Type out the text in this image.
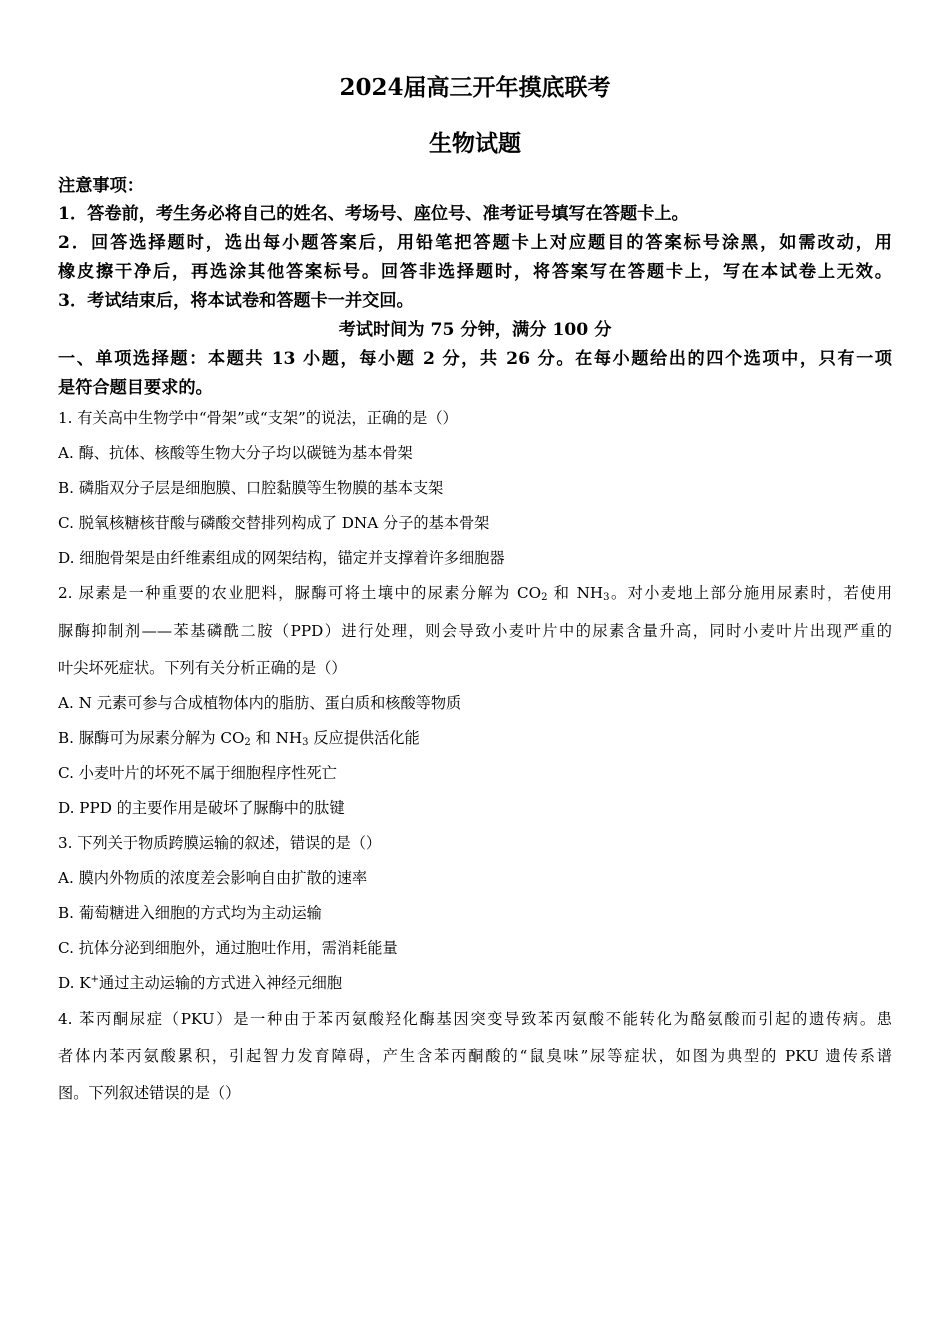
2024届高三开年摸底联考
生物试题
注意事项：
1．答卷前，考生务必将自己的姓名、考场号、座位号、准考证号填写在答题卡上。
2．回答选择题时，选出每小题答案后，用铅笔把答题卡上对应题目的答案标号涂黑，如需改动，用
橡皮擦干净后，再选涂其他答案标号。回答非选择题时，将答案写在答题卡上，写在本试卷上无效。
3．考试结束后，将本试卷和答题卡一并交回。
考试时间为 75 分钟，满分 100 分
一、单项选择题：本题共 13 小题，每小题 2 分，共 26 分。在每小题给出的四个选项中，只有一项
是符合题目要求的。
1. 有关高中生物学中“骨架”或“支架”的说法，正确的是（）
A. 酶、抗体、核酸等生物大分子均以碳链为基本骨架
B. 磷脂双分子层是细胞膜、口腔黏膜等生物膜的基本支架
C. 脱氧核糖核苷酸与磷酸交替排列构成了 DNA 分子的基本骨架
D. 细胞骨架是由纤维素组成的网架结构，锚定并支撑着许多细胞器
2. 尿素是一种重要的农业肥料，脲酶可将土壤中的尿素分解为 $CO_2$ 和 $NH_3$。对小麦地上部分施用尿素时，若使用
脲酶抑制剂——苯基磷酰二胺（PPD）进行处理，则会导致小麦叶片中的尿素含量升高，同时小麦叶片出现严重的
叶尖坏死症状。下列有关分析正确的是（）
A. N 元素可参与合成植物体内的脂肪、蛋白质和核酸等物质
B. 脲酶可为尿素分解为 $CO_2$ 和 $NH_3$ 反应提供活化能
C. 小麦叶片的坏死不属于细胞程序性死亡
D. PPD 的主要作用是破坏了脲酶中的肽键
3. 下列关于物质跨膜运输的叙述，错误的是（）
A. 膜内外物质的浓度差会影响自由扩散的速率
B. 葡萄糖进入细胞的方式均为主动运输
C. 抗体分泌到细胞外，通过胞吐作用，需消耗能量
D. K+通过主动运输的方式进入神经元细胞
4. 苯丙酮尿症（PKU）是一种由于苯丙氨酸羟化酶基因突变导致苯丙氨酸不能转化为酪氨酸而引起的遗传病。患
者体内苯丙氨酸累积，引起智力发育障碍，产生含苯丙酮酸的“鼠臭味”尿等症状，如图为典型的 PKU 遗传系谱
图。下列叙述错误的是（）
